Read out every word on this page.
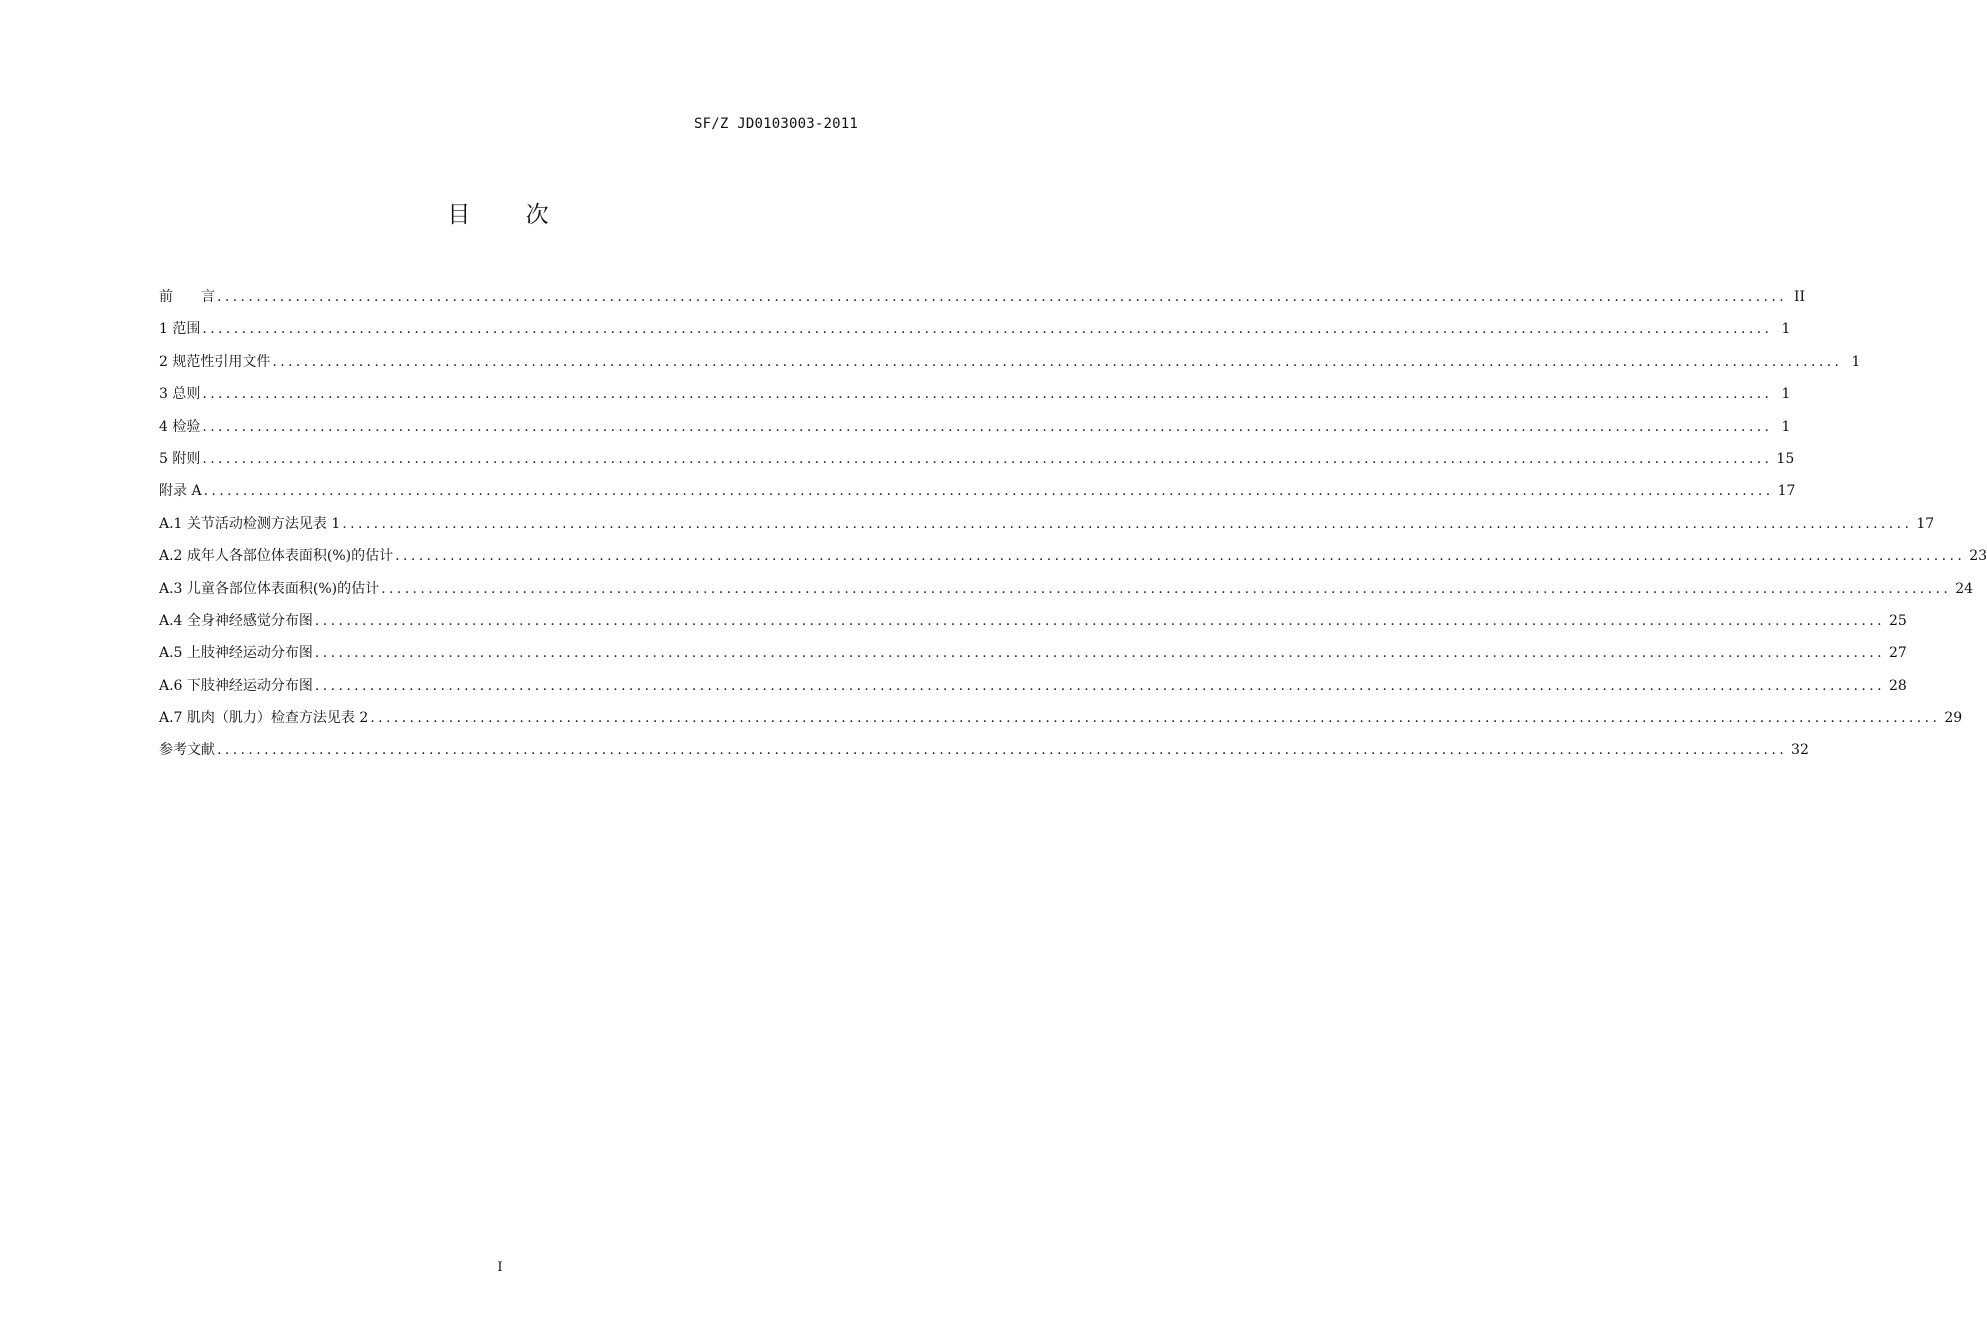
SF/Z JD0103003-2011
目 次
前　　言 ........................................................................................................................................................................................................ II
1 范围 ........................................................................................................................................................................................................ 1
2 规范性引用文件 ........................................................................................................................................................................................................ 1
3 总则 ........................................................................................................................................................................................................ 1
4 检验 ........................................................................................................................................................................................................ 1
5 附则 ........................................................................................................................................................................................................ 15
附录 A ........................................................................................................................................................................................................ 17
A.1 关节活动检测方法见表 1 ........................................................................................................................................................................................................ 17
A.2 成年人各部位体表面积(%)的估计 ........................................................................................................................................................................................................ 23
A.3 儿童各部位体表面积(%)的估计 ........................................................................................................................................................................................................ 24
A.4 全身神经感觉分布图 ........................................................................................................................................................................................................ 25
A.5 上肢神经运动分布图 ........................................................................................................................................................................................................ 27
A.6 下肢神经运动分布图 ........................................................................................................................................................................................................ 28
A.7 肌肉（肌力）检查方法见表 2 ........................................................................................................................................................................................................ 29
参考文献 ........................................................................................................................................................................................................ 32
I
